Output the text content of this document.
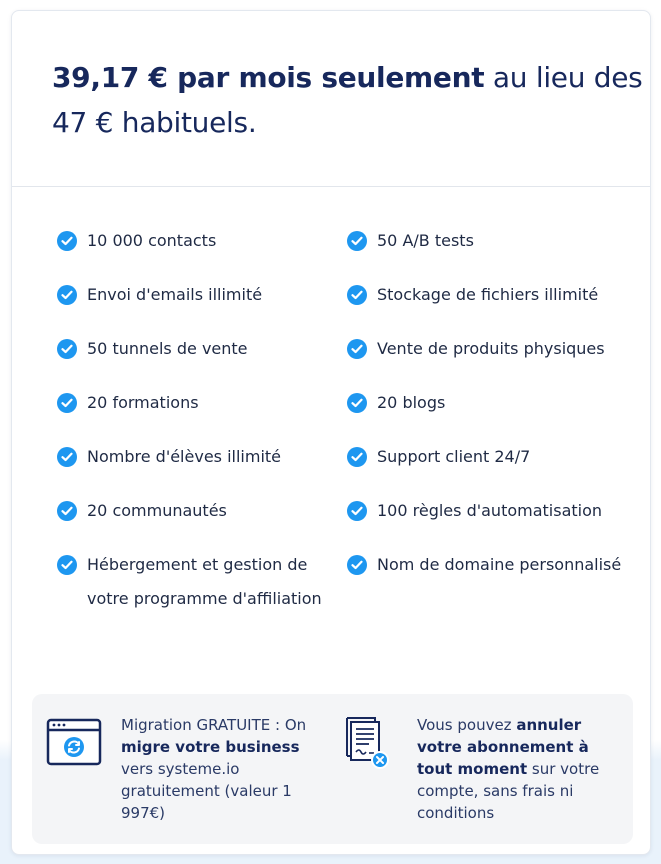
39,17 € par mois seulement au lieu des 47 € habituels.
10 000 contacts
Envoi d'emails illimité
50 tunnels de vente
20 formations
Nombre d'élèves illimité
20 communautés
Hébergement et gestion de votre programme d'affiliation
50 A/B tests
Stockage de fichiers illimité
Vente de produits physiques
20 blogs
Support client 24/7
100 règles d'automatisation
Nom de domaine personnalisé
Migration GRATUITE : On migre votre business vers systeme.io gratuitement (valeur 1 997€)
Vous pouvez annuler votre abonnement à tout moment sur votre compte, sans frais ni conditions
